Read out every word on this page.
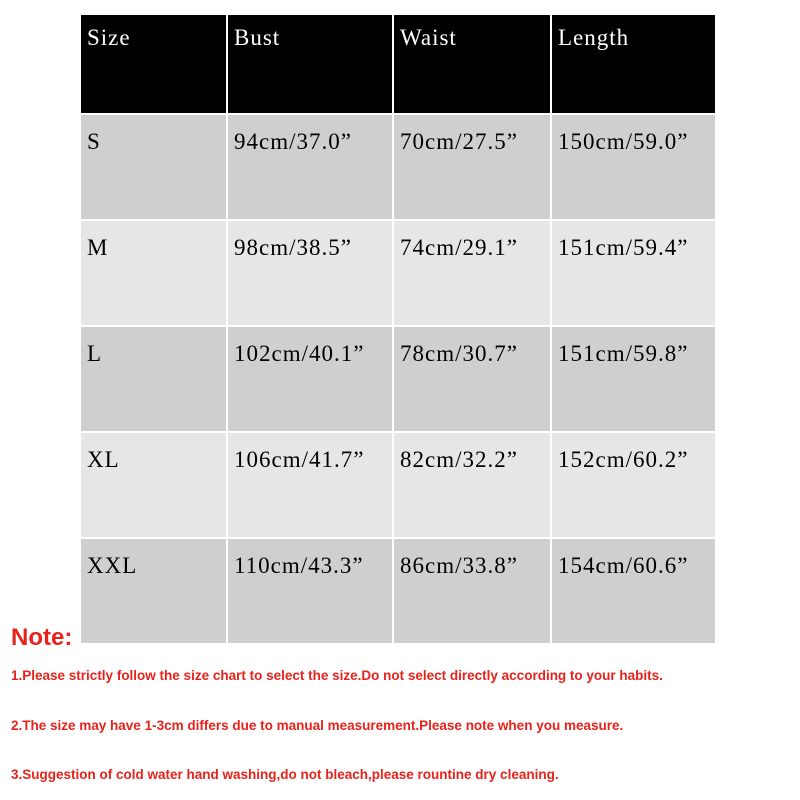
Size	Bust	Waist	Length
S	94cm/37.0”	70cm/27.5”	150cm/59.0”
M	98cm/38.5”	74cm/29.1”	151cm/59.4”
L	102cm/40.1”	78cm/30.7”	151cm/59.8”
XL	106cm/41.7”	82cm/32.2”	152cm/60.2”
XXL	110cm/43.3”	86cm/33.8”	154cm/60.6”

Note:

1.Please strictly follow the size chart to select the size.Do not select directly according to your habits.

2.The size may have 1-3cm differs due to manual measurement.Please note when you measure.

3.Suggestion of cold water hand washing,do not bleach,please rountine dry cleaning.
